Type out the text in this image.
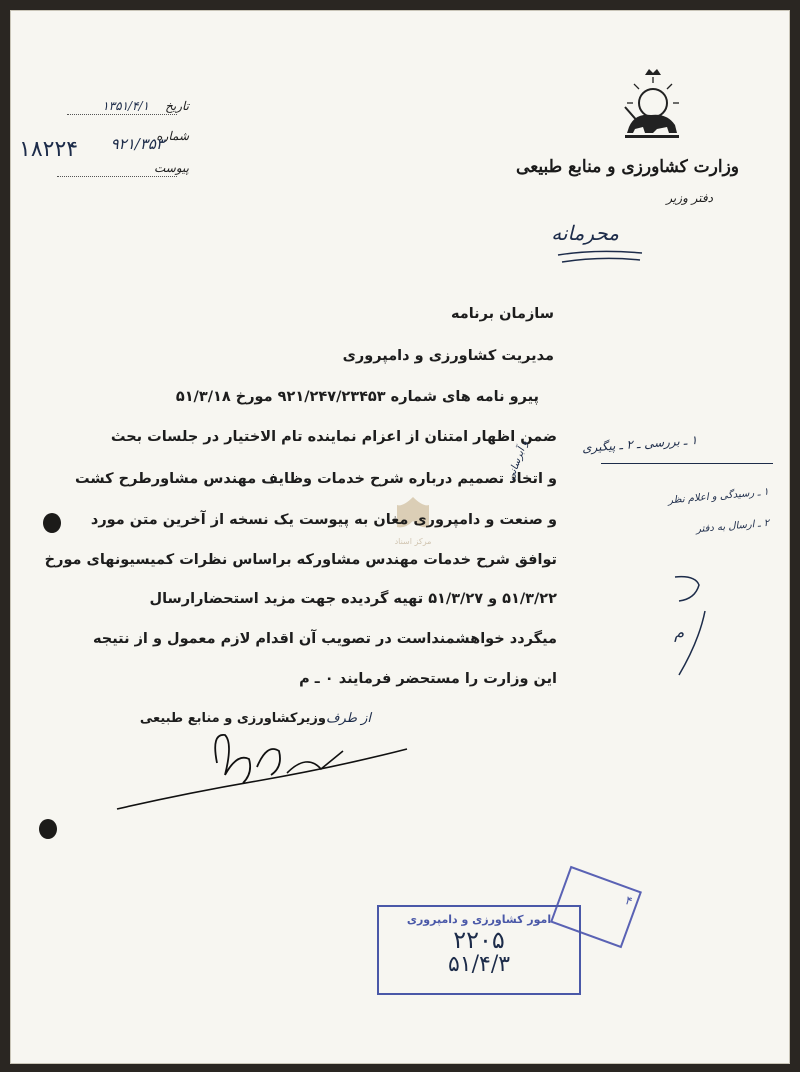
وزارت کشاورزی و منابع طبیعی
دفتر وزیر
محرمانه
تاریخ
۱۳۵۱/۴/۱
شماره
۹۲۱/۳۵۳
۱۸۲۲۴
پیوست
مرکز اسناد
سازمان برنامه
مدیریت کشاورزی و دامپروری
پیرو نامه های شماره ۹۲۱/۲۴۷/۲۳۴۵۳ مورخ ۵۱/۳/۱۸
ضمن اظهار امتنان از اعزام نماینده تام الاختیار در جلسات بحث
و اتخاذ تصمیم درباره شرح خدمات وظایف مهندس مشاورطرح کشت
و آبرسانی
و صنعت و دامپروری مغان به پیوست یک نسخه از آخرین متن مورد
توافق شرح خدمات مهندس مشاورکه براساس نظرات کمیسیونهای مورخ
۵۱/۳/۲۲ و ۵۱/۳/۲۷ تهیه گردیده جهت مزید استحضارارسال
میگردد خواهشمنداست در تصویب آن اقدام لازم معمول و از نتیجه
این وزارت را مستحضر فرمایند ٠ ـ م
از طرف
وزیرکشاورزی و منابع طبیعی
۱ ـ بررسی ـ ۲ ـ پیگیری
۱ ـ رسیدگی و اعلام نظر
۲ ـ ارسال به دفتر
م
۴
امور کشاورزی و دامپروری
۲۲۰۵
۵۱/۴/۳
